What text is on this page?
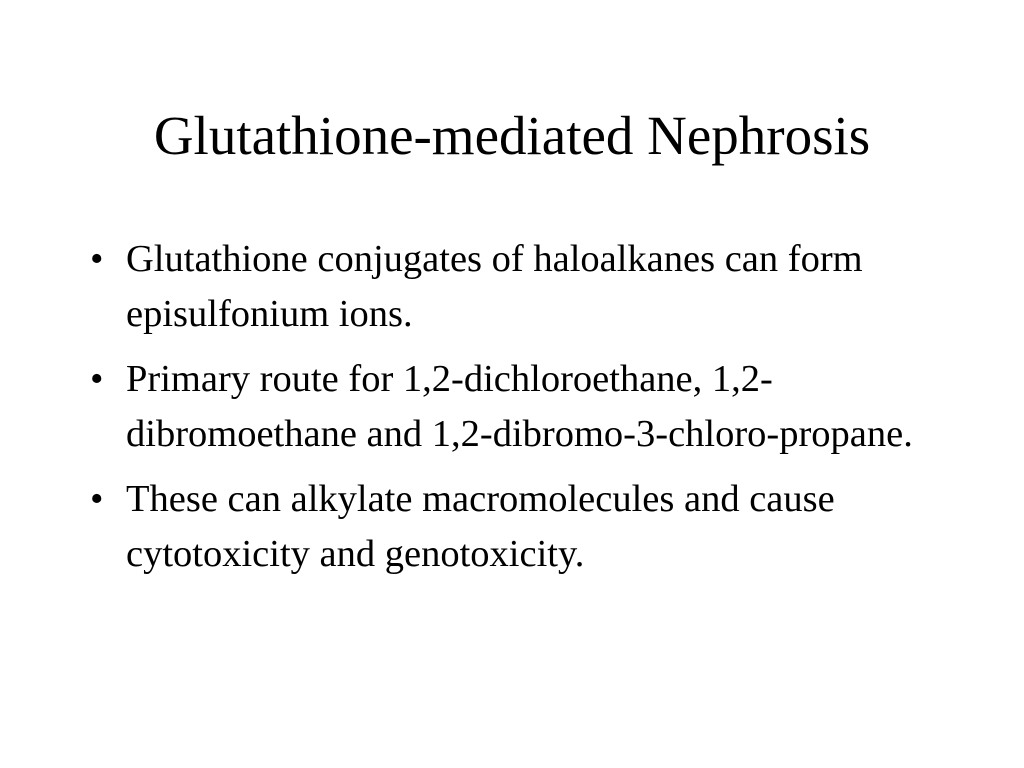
Glutathione-mediated Nephrosis
• Glutathione conjugates of haloalkanes can form episulfonium ions.
• Primary route for 1,2-dichloroethane, 1,2-dibromoethane and 1,2-dibromo-3-chloro-propane.
• These can alkylate macromolecules and cause cytotoxicity and genotoxicity.
